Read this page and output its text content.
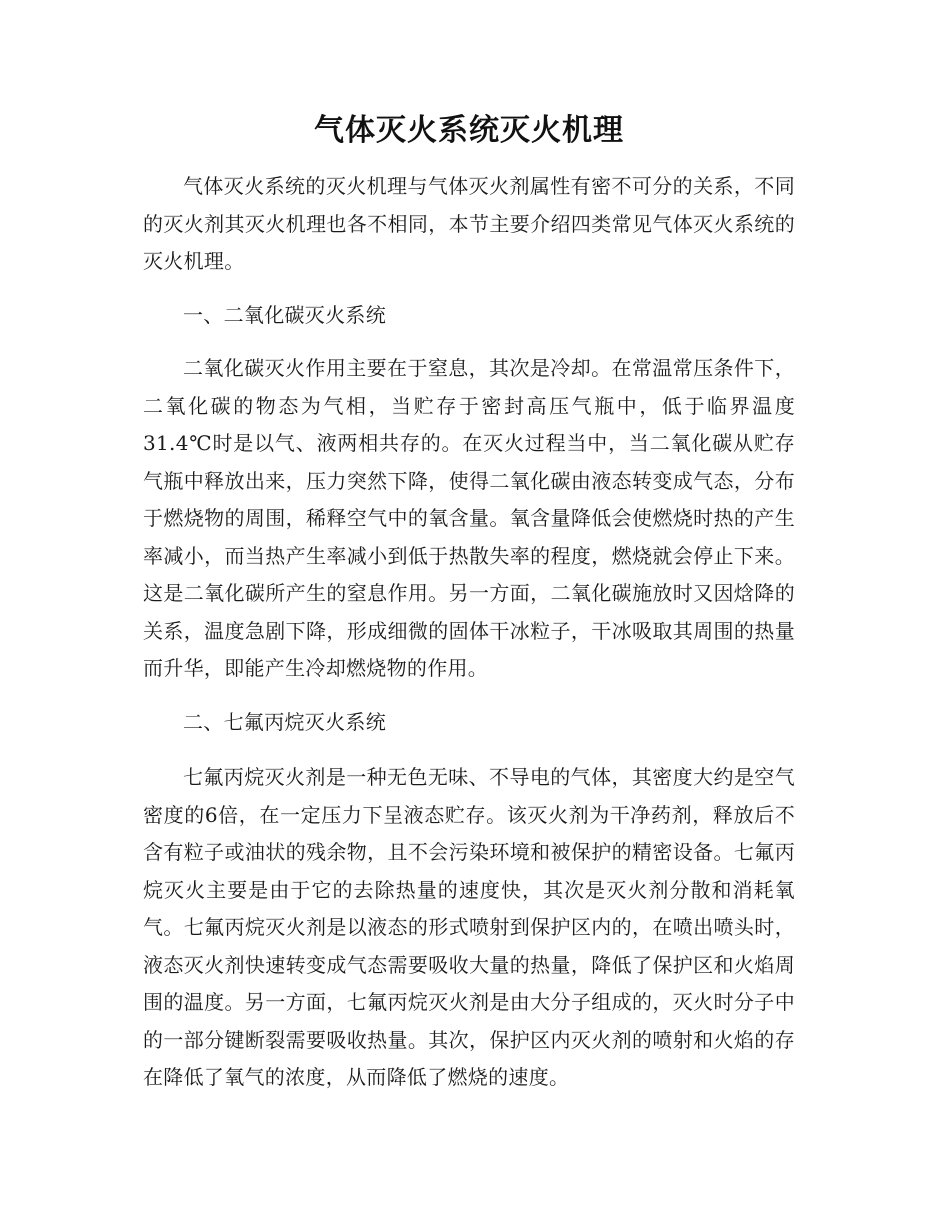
气体灭火系统灭火机理

气体灭火系统的灭火机理与气体灭火剂属性有密不可分的关系，不同的灭火剂其灭火机理也各不相同，本节主要介绍四类常见气体灭火系统的灭火机理。

一、二氧化碳灭火系统

二氧化碳灭火作用主要在于窒息，其次是冷却。在常温常压条件下，二氧化碳的物态为气相，当贮存于密封高压气瓶中，低于临界温度31.4℃时是以气、液两相共存的。在灭火过程当中，当二氧化碳从贮存气瓶中释放出来，压力突然下降，使得二氧化碳由液态转变成气态，分布于燃烧物的周围，稀释空气中的氧含量。氧含量降低会使燃烧时热的产生率减小，而当热产生率减小到低于热散失率的程度，燃烧就会停止下来。这是二氧化碳所产生的窒息作用。另一方面，二氧化碳施放时又因焓降的关系，温度急剧下降，形成细微的固体干冰粒子，干冰吸取其周围的热量而升华，即能产生冷却燃烧物的作用。

二、七氟丙烷灭火系统

七氟丙烷灭火剂是一种无色无味、不导电的气体，其密度大约是空气密度的6倍，在一定压力下呈液态贮存。该灭火剂为干净药剂，释放后不含有粒子或油状的残余物，且不会污染环境和被保护的精密设备。七氟丙烷灭火主要是由于它的去除热量的速度快，其次是灭火剂分散和消耗氧气。七氟丙烷灭火剂是以液态的形式喷射到保护区内的，在喷出喷头时，液态灭火剂快速转变成气态需要吸收大量的热量，降低了保护区和火焰周围的温度。另一方面，七氟丙烷灭火剂是由大分子组成的，灭火时分子中的一部分键断裂需要吸收热量。其次，保护区内灭火剂的喷射和火焰的存在降低了氧气的浓度，从而降低了燃烧的速度。
